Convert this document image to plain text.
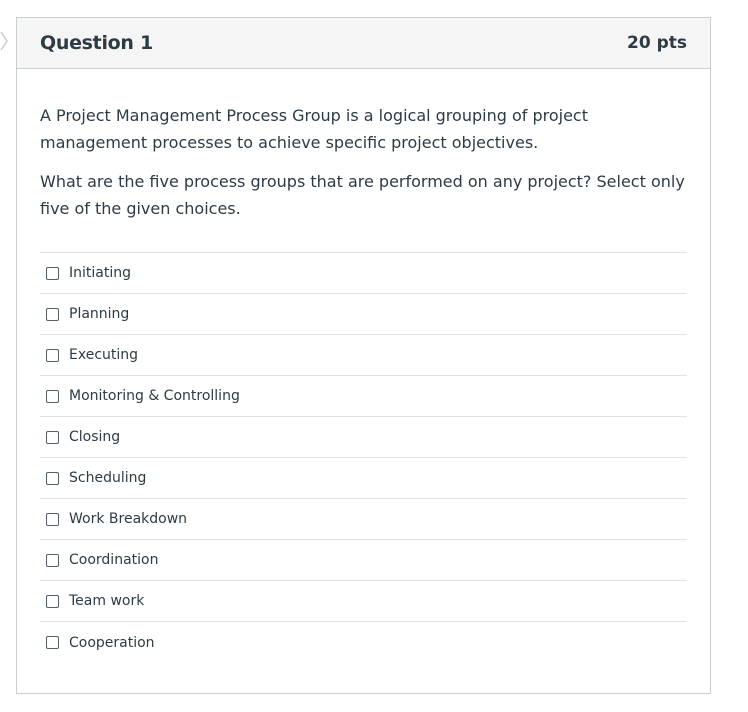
Question 1	20 pts

A Project Management Process Group is a logical grouping of project management processes to achieve specific project objectives.

What are the five process groups that are performed on any project? Select only five of the given choices.

Initiating
Planning
Executing
Monitoring & Controlling
Closing
Scheduling
Work Breakdown
Coordination
Team work
Cooperation
